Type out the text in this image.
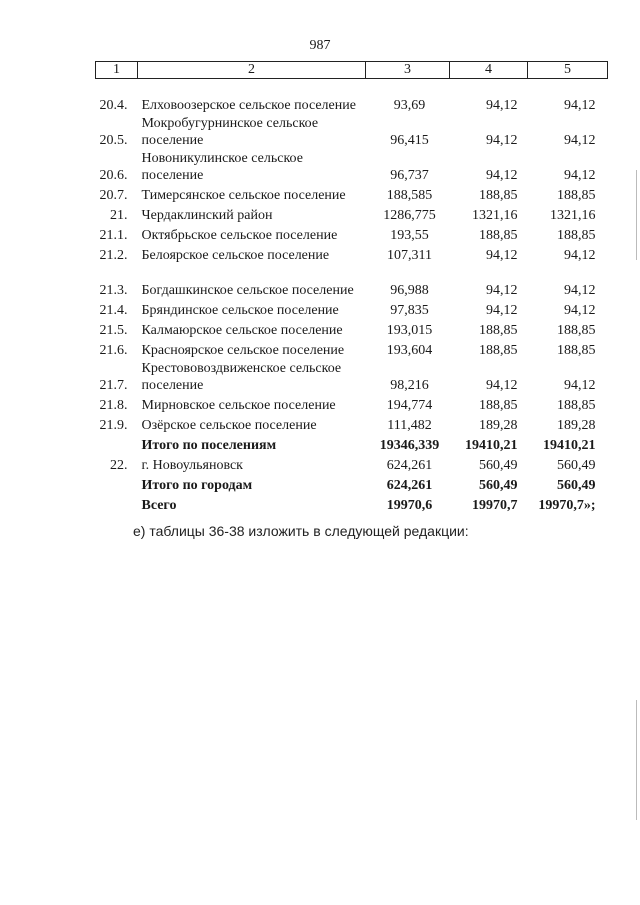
987
1	2	3	4	5
20.4.	Елховоозерское сельское поселение	93,69	94,12	94,12
20.5.	Мокробугурнинское сельское поселение	96,415	94,12	94,12
20.6.	Новоникулинское сельское поселение	96,737	94,12	94,12
20.7.	Тимерсянское сельское поселение	188,585	188,85	188,85
21.	Чердаклинский район	1286,775	1321,16	1321,16
21.1.	Октябрьское сельское поселение	193,55	188,85	188,85
21.2.	Белоярское сельское поселение	107,311	94,12	94,12
21.3.	Богдашкинское сельское поселение	96,988	94,12	94,12
21.4.	Бряндинское сельское поселение	97,835	94,12	94,12
21.5.	Калмаюрское сельское поселение	193,015	188,85	188,85
21.6.	Красноярское сельское поселение	193,604	188,85	188,85
21.7.	Крестововоздвиженское сельское поселение	98,216	94,12	94,12
21.8.	Мирновское сельское поселение	194,774	188,85	188,85
21.9.	Озёрское сельское поселение	111,482	189,28	189,28
	Итого по поселениям	19346,339	19410,21	19410,21
22.	г. Новоульяновск	624,261	560,49	560,49
	Итого по городам	624,261	560,49	560,49
	Всего	19970,6	19970,7	19970,7»;
е) таблицы 36-38 изложить в следующей редакции:
